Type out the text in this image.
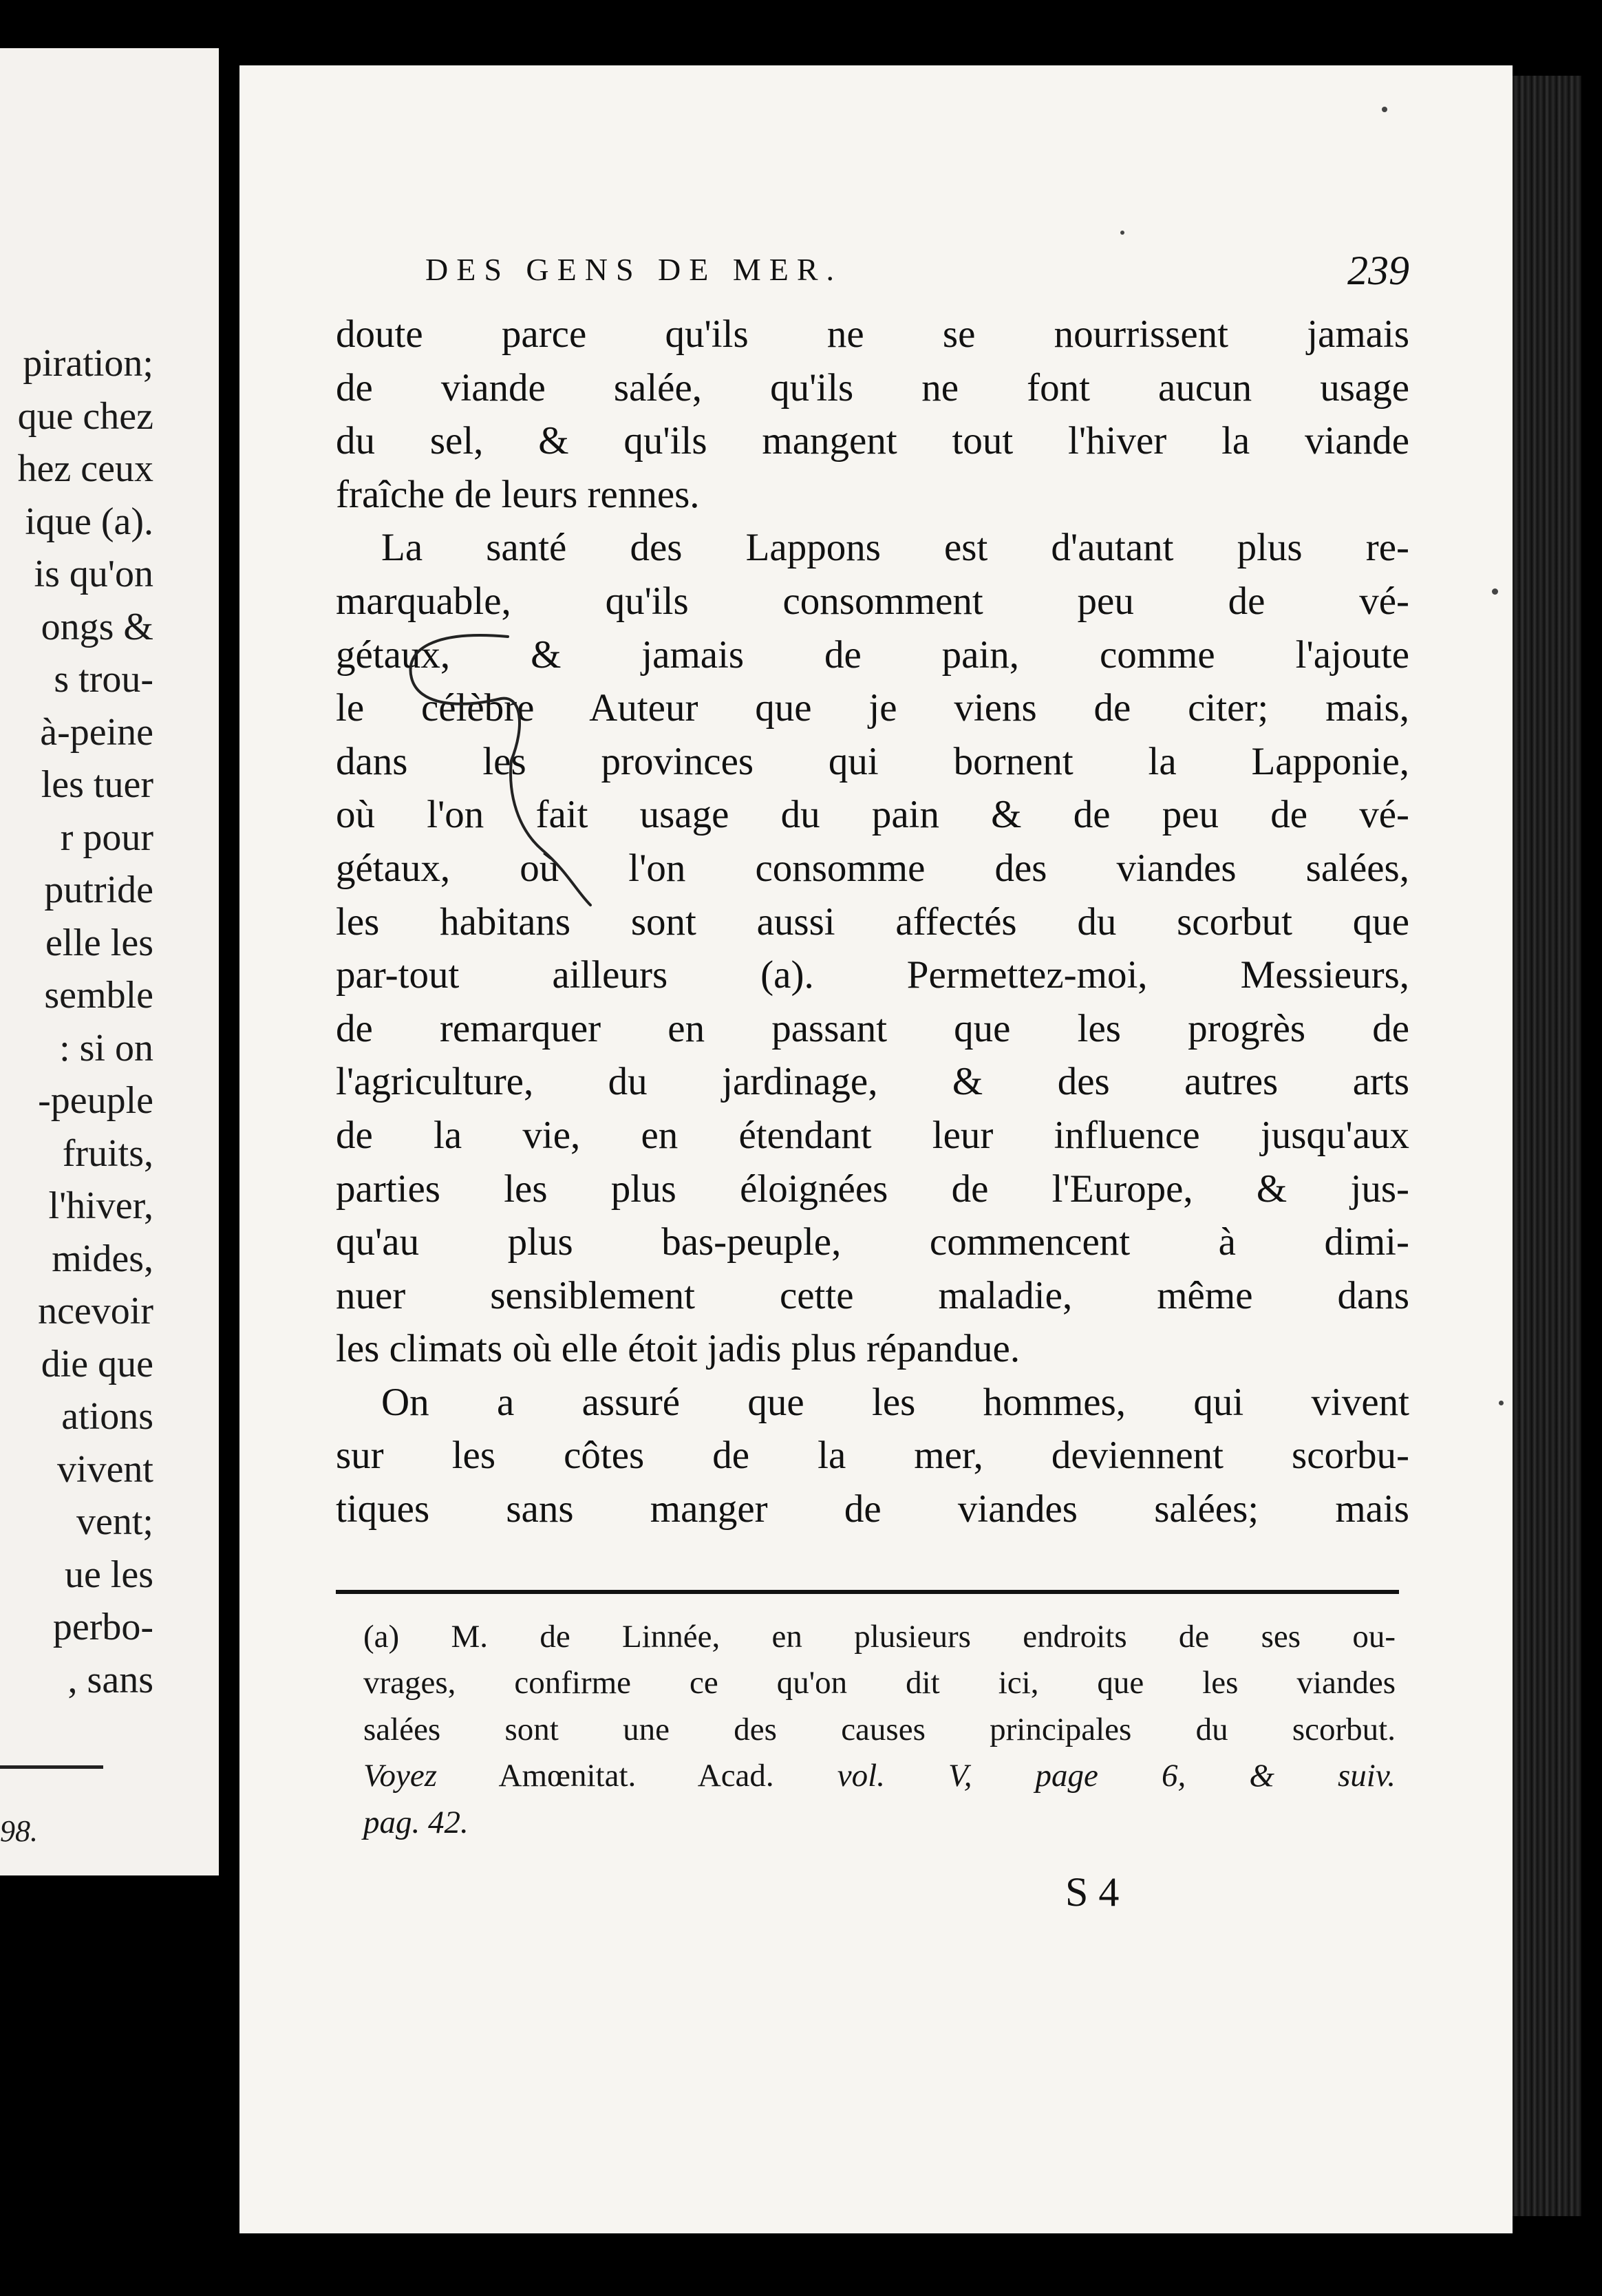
piration;
que chez
hez ceux
ique (a).
is qu'on
ongs &
s trou-
à-peine
les tuer
r pour
putride
elle les
semble
: si on
-peuple
fruits,
l'hiver,
mides,
ncevoir
die que
ations
vivent
vent;
ue les
perbo-
, sans
98.
DES GENS DE MER.	239
doute parce qu'ils ne se nourrissent jamais
de viande salée, qu'ils ne font aucun usage
du sel, & qu'ils mangent tout l'hiver la viande
fraîche de leurs rennes.
La santé des Lappons est d'autant plus re-
marquable, qu'ils consomment peu de vé-
gétaux, & jamais de pain, comme l'ajoute
le célèbre Auteur que je viens de citer; mais,
dans les provinces qui bornent la Lapponie,
où l'on fait usage du pain & de peu de vé-
gétaux, où l'on consomme des viandes salées,
les habitans sont aussi affectés du scorbut que
par-tout ailleurs (a). Permettez-moi, Messieurs,
de remarquer en passant que les progrès de
l'agriculture, du jardinage, & des autres arts
de la vie, en étendant leur influence jusqu'aux
parties les plus éloignées de l'Europe, & jus-
qu'au plus bas-peuple, commencent à dimi-
nuer sensiblement cette maladie, même dans
les climats où elle étoit jadis plus répandue.
On a assuré que les hommes, qui vivent
sur les côtes de la mer, deviennent scorbu-
tiques sans manger de viandes salées; mais
(a) M. de Linnée, en plusieurs endroits de ses ou-
vrages, confirme ce qu'on dit ici, que les viandes
salées sont une des causes principales du scorbut.
Voyez Amœnitat. Acad. vol. V, page 6, & suiv.
pag. 42.
S 4
